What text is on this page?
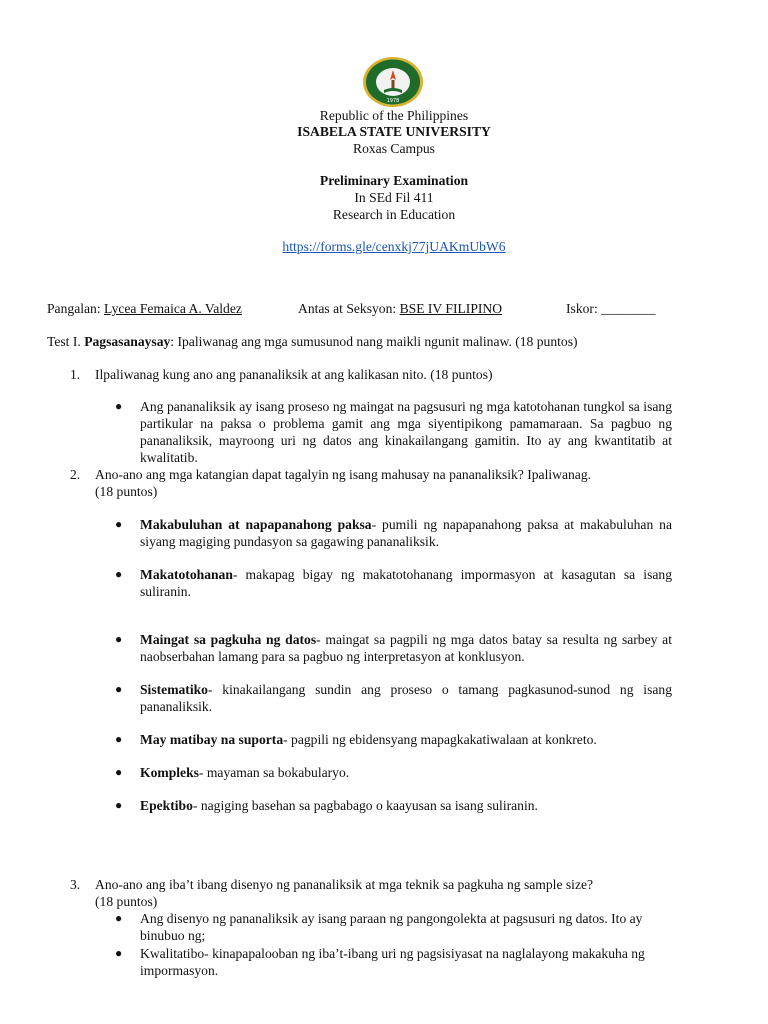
1978
Republic of the Philippines
ISABELA STATE UNIVERSITY
Roxas Campus
Preliminary Examination
In SEd Fil 411
Research in Education
https://forms.gle/cenxkj77jUAKmUbW6
Pangalan: Lycea Femaica A. Valdez	Antas at Seksyon: BSE IV FILIPINO	Iskor: ________
Test I. Pagsasanaysay: Ipaliwanag ang mga sumusunod nang maikli ngunit malinaw. (18 puntos)
1. Ilpaliwanag kung ano ang pananaliksik at ang kalikasan nito. (18 puntos)
● Ang pananaliksik ay isang proseso ng maingat na pagsusuri ng mga katotohanan tungkol sa isang partikular na paksa o problema gamit ang mga siyentipikong pamamaraan. Sa pagbuo ng pananaliksik, mayroong uri ng datos ang kinakailangang gamitin. Ito ay ang kwantitatib at kwalitatib.
2. Ano-ano ang mga katangian dapat tagalyin ng isang mahusay na pananaliksik? Ipaliwanag.
(18 puntos)
● Makabuluhan at napapanahong paksa- pumili ng napapanahong paksa at makabuluhan na siyang magiging pundasyon sa gagawing pananaliksik.
● Makatotohanan- makapag bigay ng makatotohanang impormasyon at kasagutan sa isang suliranin.
● Maingat sa pagkuha ng datos- maingat sa pagpili ng mga datos batay sa resulta ng sarbey at naobserbahan lamang para sa pagbuo ng interpretasyon at konklusyon.
● Sistematiko- kinakailangang sundin ang proseso o tamang pagkasunod-sunod ng isang pananaliksik.
● May matibay na suporta- pagpili ng ebidensyang mapagkakatiwalaan at konkreto.
● Kompleks- mayaman sa bokabularyo.
● Epektibo- nagiging basehan sa pagbabago o kaayusan sa isang suliranin.
3. Ano-ano ang iba’t ibang disenyo ng pananaliksik at mga teknik sa pagkuha ng sample size?
(18 puntos)
● Ang disenyo ng pananaliksik ay isang paraan ng pangongolekta at pagsusuri ng datos. Ito ay binubuo ng;
● Kwalitatibo- kinapapalooban ng iba’t-ibang uri ng pagsisiyasat na naglalayong makakuha ng impormasyon.
